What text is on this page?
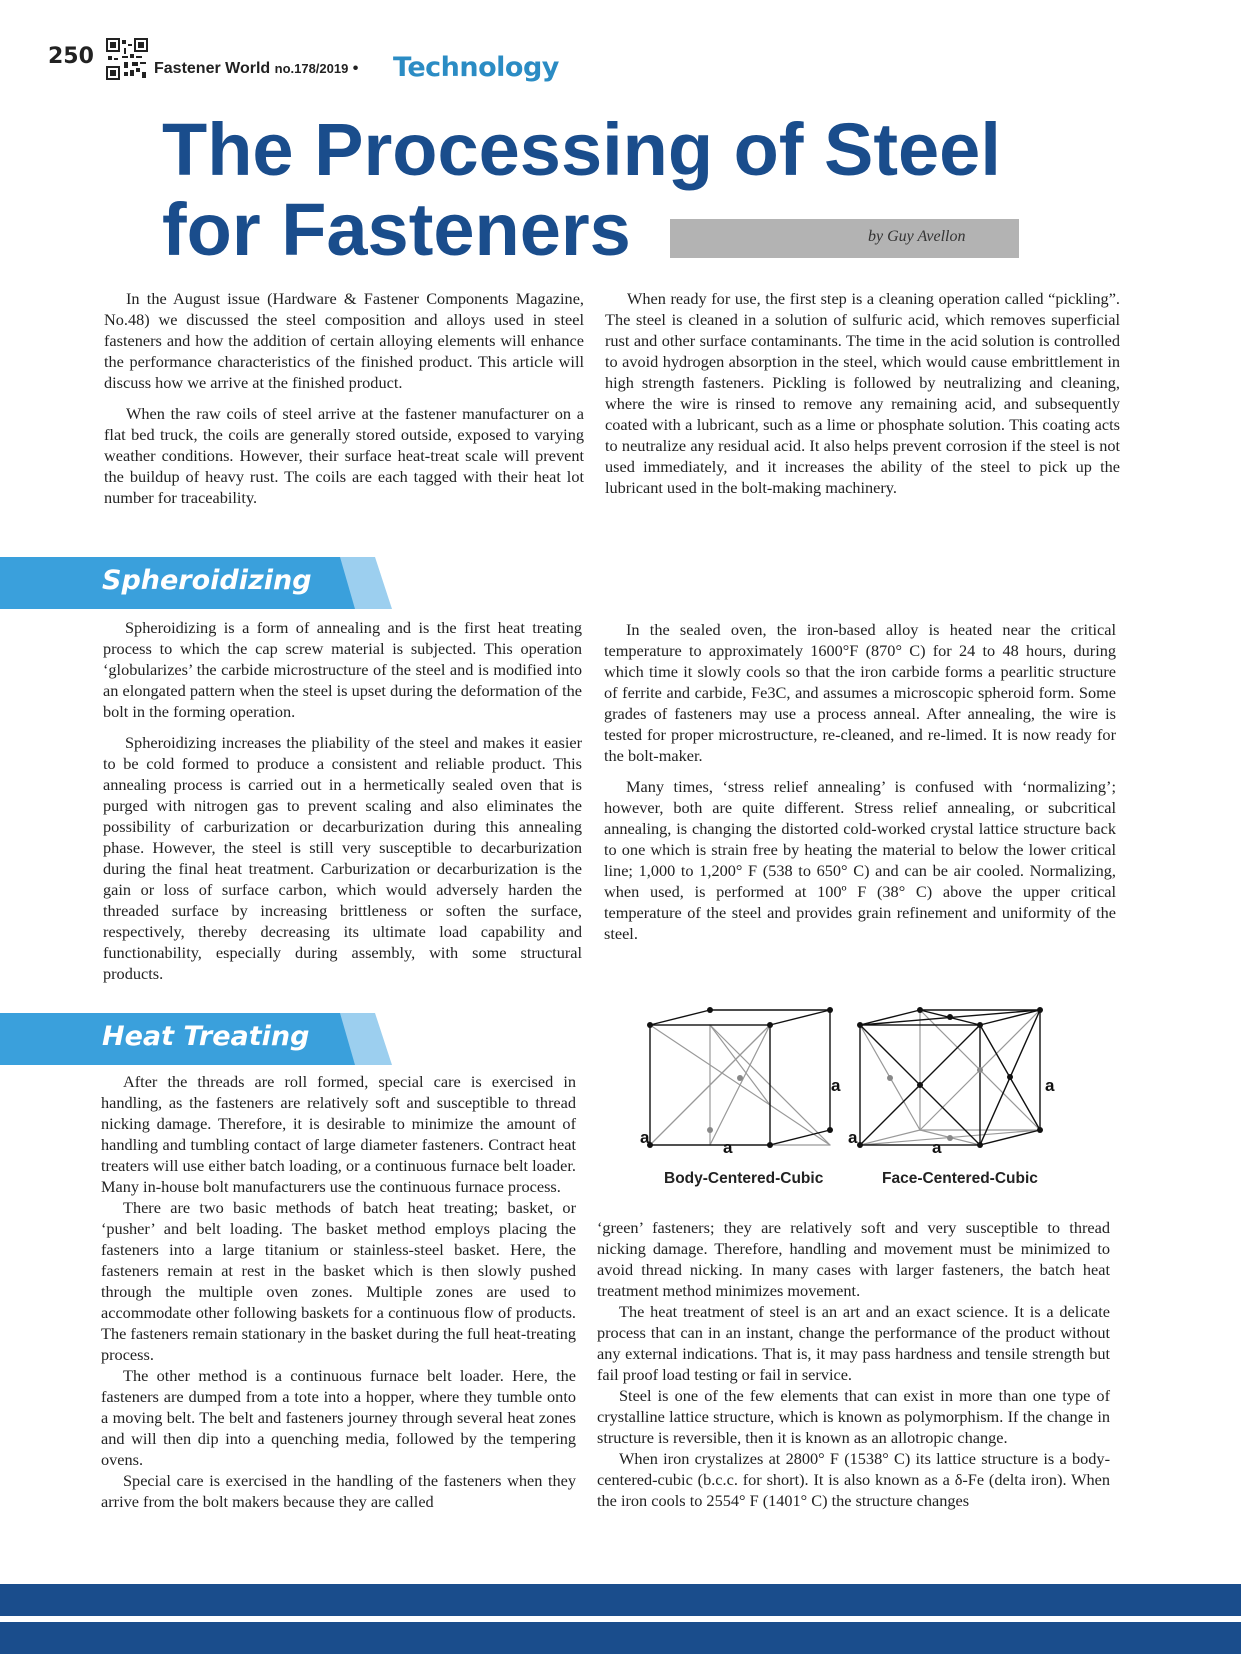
250	Fastener World no.178/2019 • Technology
The Processing of Steel
for Fasteners	by Guy Avellon

In the August issue (Hardware & Fastener Components Magazine, No.48) we discussed the steel composition and alloys used in steel fasteners and how the addition of certain alloying elements will enhance the performance characteristics of the finished product. This article will discuss how we arrive at the finished product.

When the raw coils of steel arrive at the fastener manufacturer on a flat bed truck, the coils are generally stored outside, exposed to varying weather conditions. However, their surface heat-treat scale will prevent the buildup of heavy rust. The coils are each tagged with their heat lot number for traceability.

When ready for use, the first step is a cleaning operation called “pickling”. The steel is cleaned in a solution of sulfuric acid, which removes superficial rust and other surface contaminants. The time in the acid solution is controlled to avoid hydrogen absorption in the steel, which would cause embrittlement in high strength fasteners. Pickling is followed by neutralizing and cleaning, where the wire is rinsed to remove any remaining acid, and subsequently coated with a lubricant, such as a lime or phosphate solution. This coating acts to neutralize any residual acid. It also helps prevent corrosion if the steel is not used immediately, and it increases the ability of the steel to pick up the lubricant used in the bolt-making machinery.

Spheroidizing

Spheroidizing is a form of annealing and is the first heat treating process to which the cap screw material is subjected. This operation ‘globularizes’ the carbide microstructure of the steel and is modified into an elongated pattern when the steel is upset during the deformation of the bolt in the forming operation.

Spheroidizing increases the pliability of the steel and makes it easier to be cold formed to produce a consistent and reliable product. This annealing process is carried out in a hermetically sealed oven that is purged with nitrogen gas to prevent scaling and also eliminates the possibility of carburization or decarburization during this annealing phase. However, the steel is still very susceptible to decarburization during the final heat treatment. Carburization or decarburization is the gain or loss of surface carbon, which would adversely harden the threaded surface by increasing brittleness or soften the surface, respectively, thereby decreasing its ultimate load capability and functionability, especially during assembly, with some structural products.

In the sealed oven, the iron-based alloy is heated near the critical temperature to approximately 1600°F (870° C) for 24 to 48 hours, during which time it slowly cools so that the iron carbide forms a pearlitic structure of ferrite and carbide, Fe3C, and assumes a microscopic spheroid form. Some grades of fasteners may use a process anneal. After annealing, the wire is tested for proper microstructure, re-cleaned, and re-limed. It is now ready for the bolt-maker.

Many times, ‘stress relief annealing’ is confused with ‘normalizing’; however, both are quite different. Stress relief annealing, or subcritical annealing, is changing the distorted cold-worked crystal lattice structure back to one which is strain free by heating the material to below the lower critical line; 1,000 to 1,200° F (538 to 650° C) and can be air cooled. Normalizing, when used, is performed at 100º F (38° C) above the upper critical temperature of the steel and provides grain refinement and uniformity of the steel.

Heat Treating

After the threads are roll formed, special care is exercised in handling, as the fasteners are relatively soft and susceptible to thread nicking damage. Therefore, it is desirable to minimize the amount of handling and tumbling contact of large diameter fasteners. Contract heat treaters will use either batch loading, or a continuous furnace belt loader. Many in-house bolt manufacturers use the continuous furnace process.

There are two basic methods of batch heat treating; basket, or ‘pusher’ and belt loading. The basket method employs placing the fasteners into a large titanium or stainless-steel basket. Here, the fasteners remain at rest in the basket which is then slowly pushed through the multiple oven zones. Multiple zones are used to accommodate other following baskets for a continuous flow of products. The fasteners remain stationary in the basket during the full heat-treating process.

The other method is a continuous furnace belt loader. Here, the fasteners are dumped from a tote into a hopper, where they tumble onto a moving belt. The belt and fasteners journey through several heat zones and will then dip into a quenching media, followed by the tempering ovens.

Special care is exercised in the handling of the fasteners when they arrive from the bolt makers because they are called

‘green’ fasteners; they are relatively soft and very susceptible to thread nicking damage. Therefore, handling and movement must be minimized to avoid thread nicking. In many cases with larger fasteners, the batch heat treatment method minimizes movement.

The heat treatment of steel is an art and an exact science. It is a delicate process that can in an instant, change the performance of the product without any external indications. That is, it may pass hardness and tensile strength but fail proof load testing or fail in service.

Steel is one of the few elements that can exist in more than one type of crystalline lattice structure, which is known as polymorphism. If the change in structure is reversible, then it is known as an allotropic change.

When iron crystalizes at 2800° F (1538° C) its lattice structure is a body-centered-cubic (b.c.c. for short). It is also known as a δ-Fe (delta iron). When the iron cools to 2554° F (1401° C) the structure changes

a
a
a
a
a
a
Body-Centered-Cubic	Face-Centered-Cubic
